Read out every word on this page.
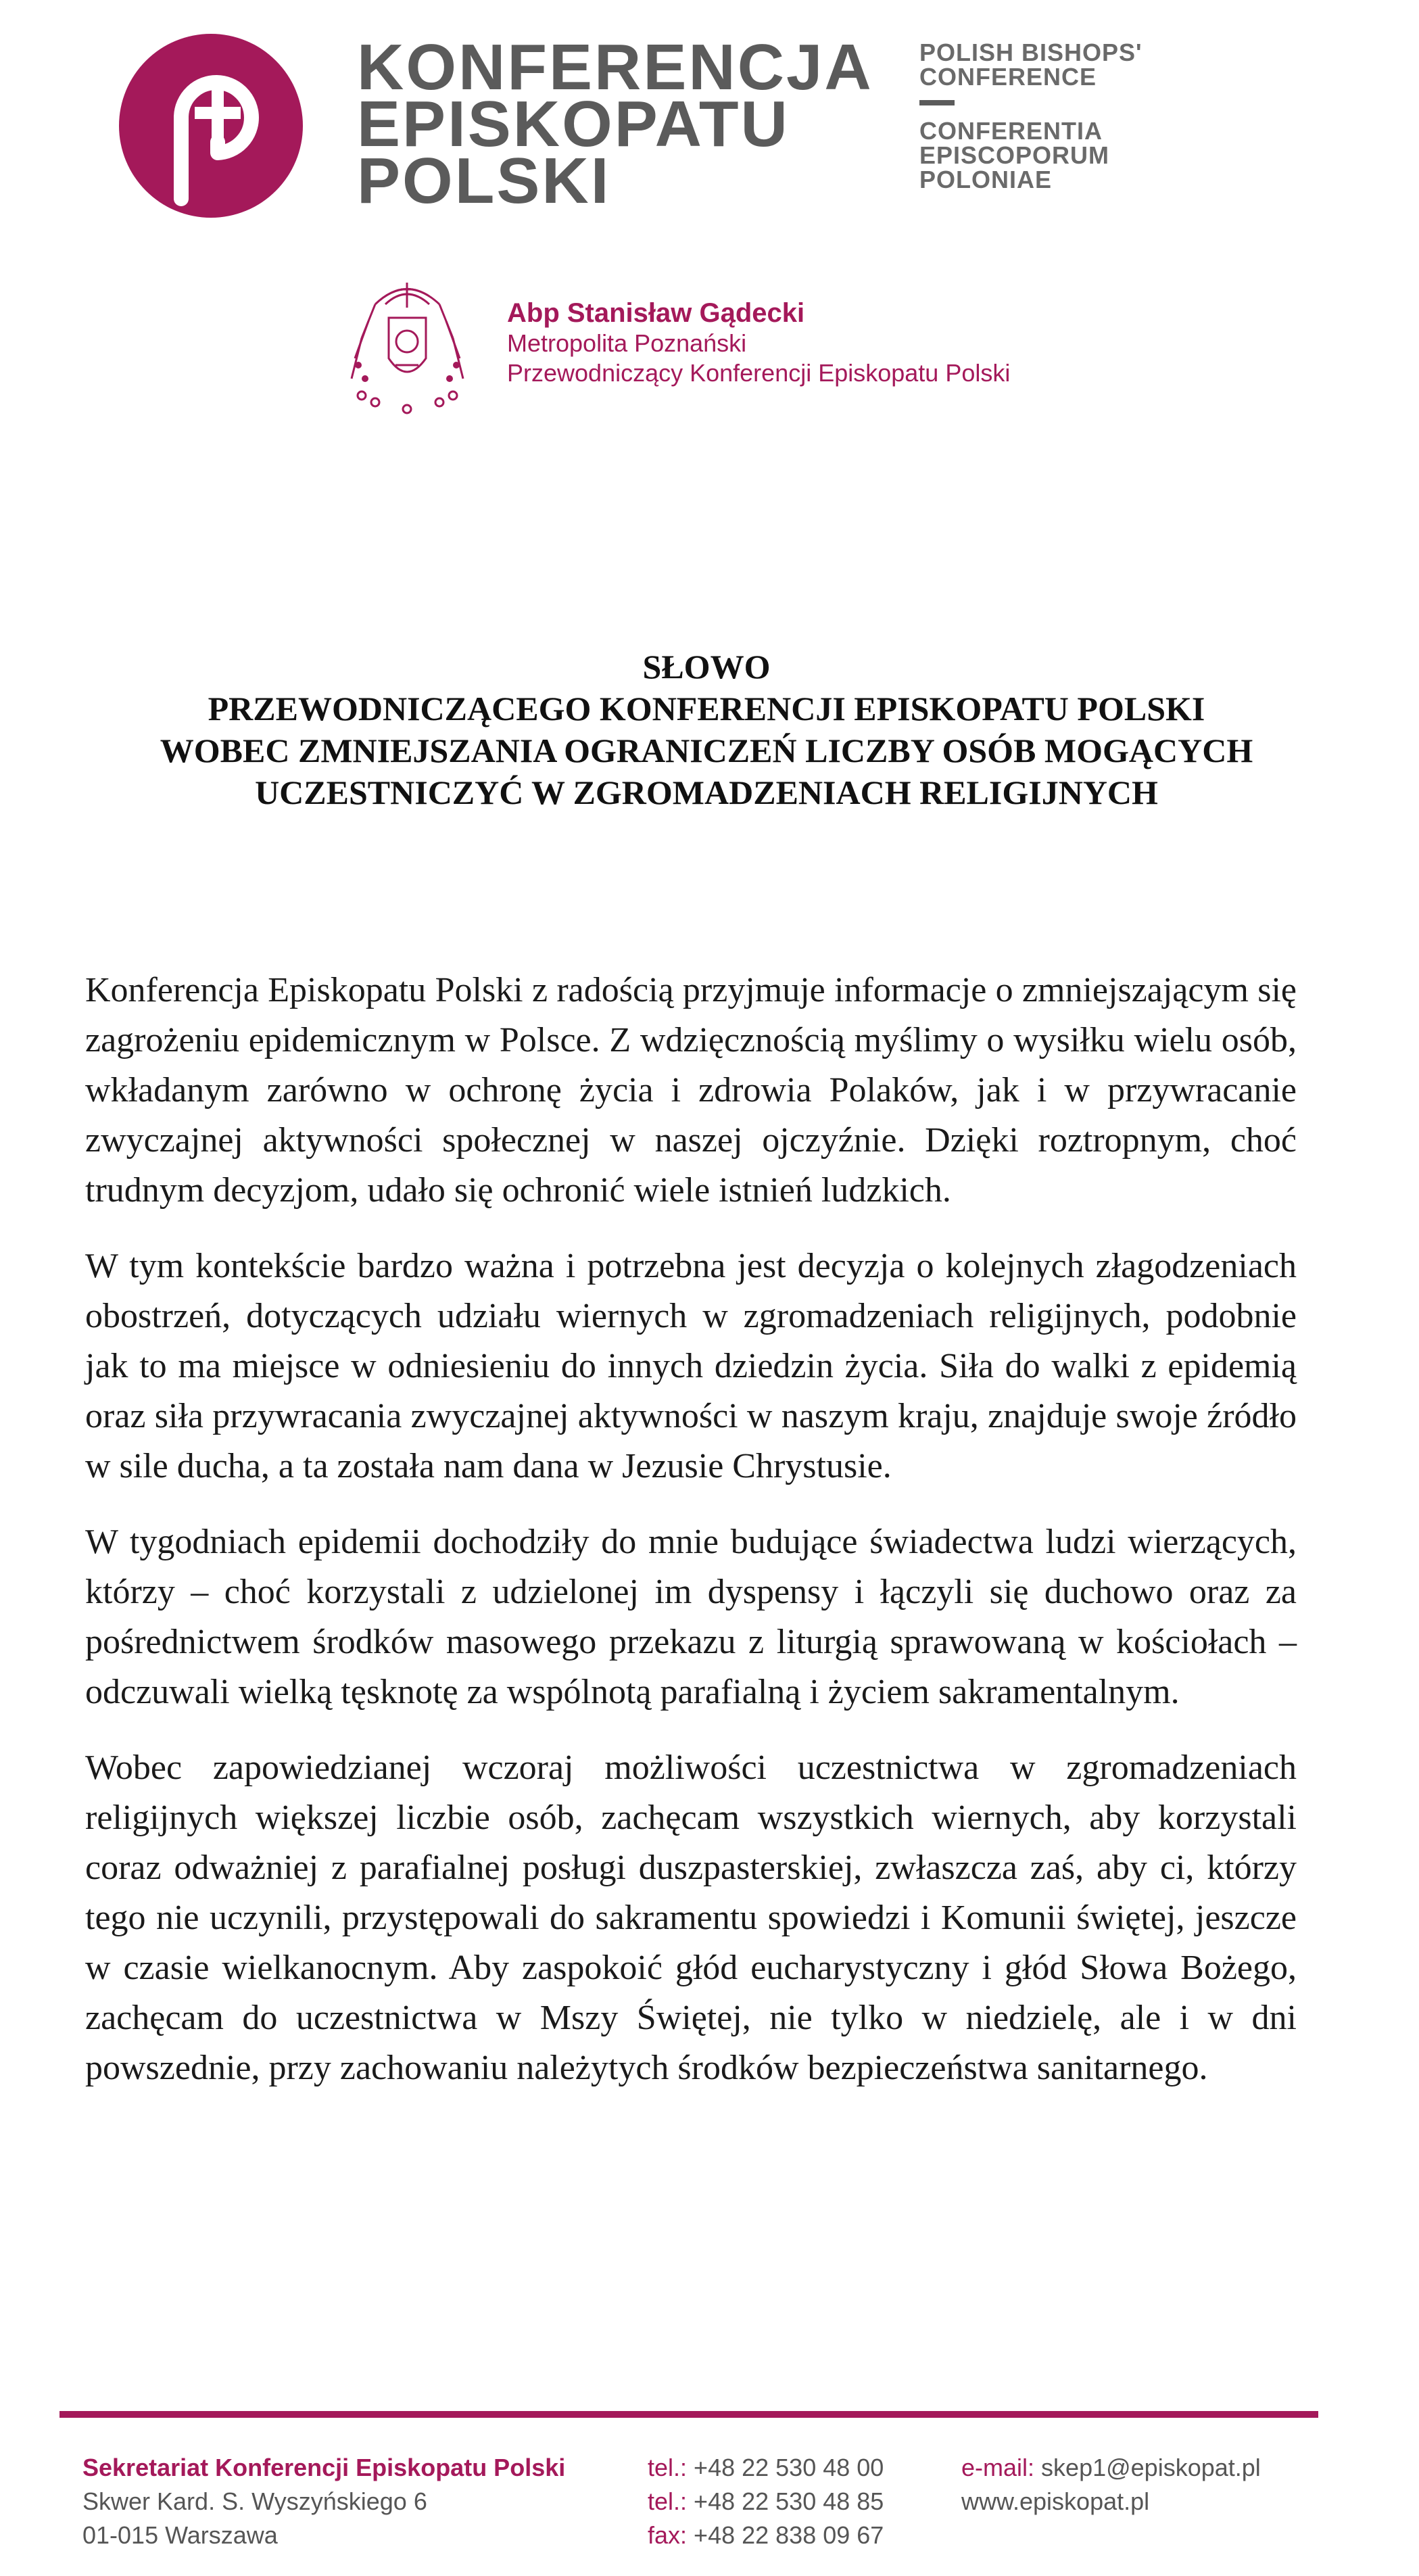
KONFERENCJA
EPISKOPATU
POLSKI
POLISH BISHOPS'
CONFERENCE
CONFERENTIA
EPISCOPORUM
POLONIAE
Abp Stanisław Gądecki
Metropolita Poznański
Przewodniczący Konferencji Episkopatu Polski
SŁOWO
PRZEWODNICZĄCEGO KONFERENCJI EPISKOPATU POLSKI
WOBEC ZMNIEJSZANIA OGRANICZEŃ LICZBY OSÓB MOGĄCYCH
UCZESTNICZYĆ W ZGROMADZENIACH RELIGIJNYCH

Konferencja Episkopatu Polski z radością przyjmuje informacje o zmniejszającym się zagrożeniu epidemicznym w Polsce. Z wdzięcznością myślimy o wysiłku wielu osób, wkładanym zarówno w ochronę życia i zdrowia Polaków, jak i w przywracanie zwyczajnej aktywności społecznej w naszej ojczyźnie. Dzięki roztropnym, choć trudnym decyzjom, udało się ochronić wiele istnień ludzkich.

W tym kontekście bardzo ważna i potrzebna jest decyzja o kolejnych złagodzeniach obostrzeń, dotyczących udziału wiernych w zgromadzeniach religijnych, podobnie jak to ma miejsce w odniesieniu do innych dziedzin życia. Siła do walki z epidemią oraz siła przywracania zwyczajnej aktywności w naszym kraju, znajduje swoje źródło w sile ducha, a ta została nam dana w Jezusie Chrystusie.

W tygodniach epidemii dochodziły do mnie budujące świadectwa ludzi wierzących, którzy – choć korzystali z udzielonej im dyspensy i łączyli się duchowo oraz za pośrednictwem środków masowego przekazu z liturgią sprawowaną w kościołach – odczuwali wielką tęsknotę za wspólnotą parafialną i życiem sakramentalnym.

Wobec zapowiedzianej wczoraj możliwości uczestnictwa w zgromadzeniach religijnych większej liczbie osób, zachęcam wszystkich wiernych, aby korzystali coraz odważniej z parafialnej posługi duszpasterskiej, zwłaszcza zaś, aby ci, którzy tego nie uczynili, przystępowali do sakramentu spowiedzi i Komunii świętej, jeszcze w czasie wielkanocnym. Aby zaspokoić głód eucharystyczny i głód Słowa Bożego, zachęcam do uczestnictwa w Mszy Świętej, nie tylko w niedzielę, ale i w dni powszednie, przy zachowaniu należytych środków bezpieczeństwa sanitarnego.

Sekretariat Konferencji Episkopatu Polski
Skwer Kard. S. Wyszyńskiego 6
01-015 Warszawa
tel.: +48 22 530 48 00
tel.: +48 22 530 48 85
fax: +48 22 838 09 67
e-mail: skep1@episkopat.pl
www.episkopat.pl
